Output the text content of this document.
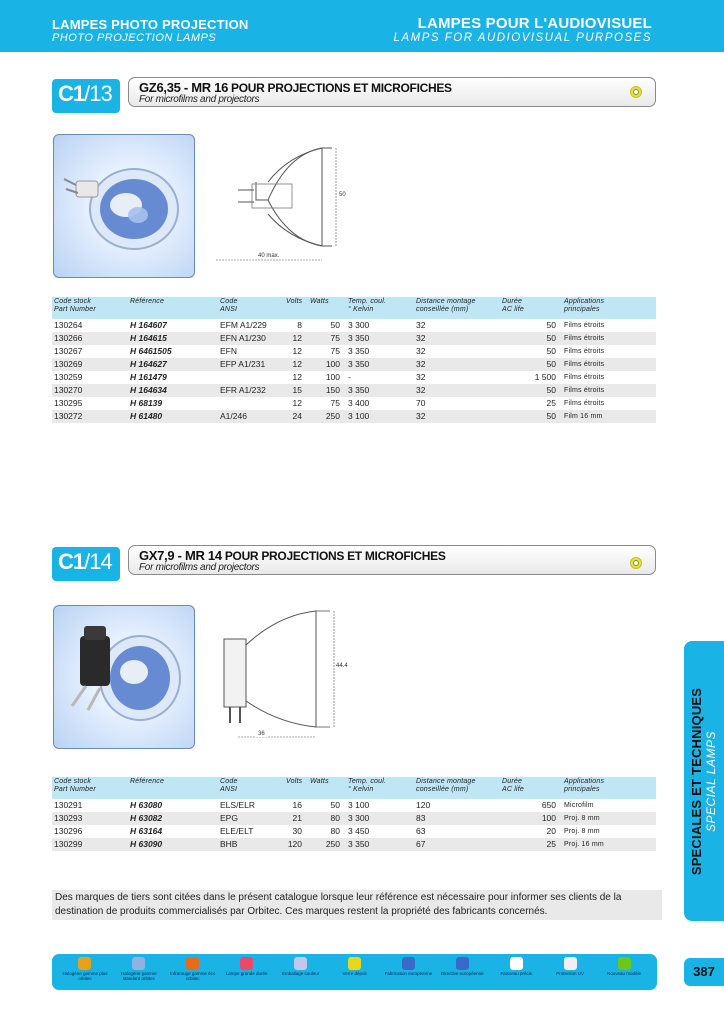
LAMPES PHOTO PROJECTION
PHOTO PROJECTION LAMPS
LAMPES POUR L'AUDIOVISUEL
LAMPS FOR AUDIOVISUAL PURPOSES
C1 /13 GZ6,35 - MR 16 POUR PROJECTIONS ET MICROFICHES
For microfilms and projectors
50
40 max.
Code stock
Part Number	Référence	Code
ANSI	Volts	Watts	Temp. coul.
° Kelvin	Distance montage
conseillée (mm)	Durée
AC life	Applications
principales
130264	H 164607	EFM A1/229	8	50	3 300	32	50	Films étroits
130266	H 164615	EFN A1/230	12	75	3 350	32	50	Films étroits
130267	H 6461505	EFN	12	75	3 350	32	50	Films étroits
130269	H 164627	EFP A1/231	12	100	3 350	32	50	Films étroits
130259	H 161479		12	100	-	32	1 500	Films étroits
130270	H 164634	EFR A1/232	15	150	3 350	32	50	Films étroits
130295	H 68139		12	75	3 400	70	25	Films étroits
130272	H 61480	A1/246	24	250	3 100	32	50	Film 16 mm
C1 /14 GX7,9 - MR 14 POUR PROJECTIONS ET MICROFICHES
For microfilms and projectors
44.4
36
Code stock
Part Number	Référence	Code
ANSI	Volts	Watts	Temp. coul.
° Kelvin	Distance montage
conseillée (mm)	Durée
AC life	Applications
principales
130291	H 63080	ELS/ELR	16	50	3 100	120	650	Microfilm
130293	H 63082	EPG	21	80	3 300	83	100	Proj. 8 mm
130296	H 63164	ELE/ELT	30	80	3 450	63	20	Proj. 8 mm
130299	H 63090	BHB	120	250	3 350	67	25	Proj. 16 mm
Des marques de tiers sont citées dans le présent catalogue lorsque leur référence est nécessaire pour informer ses clients de la destination de produits commercialisés par Orbitec. Ces marques restent la propriété des fabricants concernés.
SPECIALES ET TECHNIQUES SPECIAL LAMPS
Halogène gamme plus orbitec
Halogène gamme standard orbitec
Infrarouge gamme éco orbitec
Lampe grande durée	Emballage couleur	Verre dépoli	Fabrication européenne Directive européenne	Faisceau précis	Protection UV	Nouveau modèle	387
